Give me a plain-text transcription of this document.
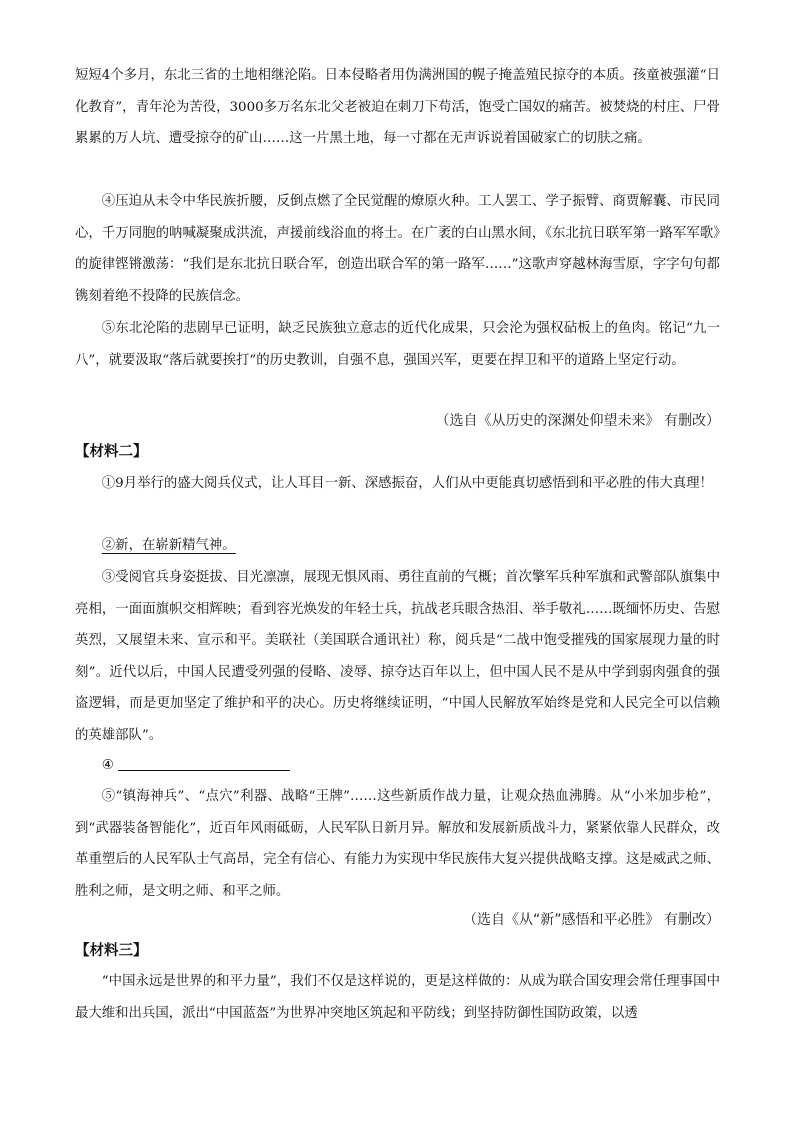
短短4个多月，东北三省的土地相继沦陷。日本侵略者用伪满洲国的幌子掩盖殖民掠夺的本质。孩童被强灌“日化教育”，青年沦为苦役，3000多万名东北父老被迫在刺刀下苟活，饱受亡国奴的痛苦。被焚烧的村庄、尸骨累累的万人坑、遭受掠夺的矿山……这一片黑土地，每一寸都在无声诉说着国破家亡的切肤之痛。

④压迫从未令中华民族折腰，反倒点燃了全民觉醒的燎原火种。工人罢工、学子振臂、商贾解囊、市民同心，千万同胞的呐喊凝聚成洪流，声援前线浴血的将士。在广袤的白山黑水间，《东北抗日联军第一路军军歌》的旋律铿锵激荡：“我们是东北抗日联合军，创造出联合军的第一路军……”这歌声穿越林海雪原，字字句句都镌刻着绝不投降的民族信念。

⑤东北沦陷的悲剧早已证明，缺乏民族独立意志的近代化成果，只会沦为强权砧板上的鱼肉。铭记“九一八”，就要汲取“落后就要挨打”的历史教训，自强不息，强国兴军，更要在捍卫和平的道路上坚定行动。

（选自《从历史的深渊处仰望未来》 有删改）
【材料二】

①9月举行的盛大阅兵仪式，让人耳目一新、深感振奋，人们从中更能真切感悟到和平必胜的伟大真理！

②新，在崭新精气神。

③受阅官兵身姿挺拔、目光凛凛，展现无惧风雨、勇往直前的气概；首次擎军兵种军旗和武警部队旗集中亮相，一面面旗帜交相辉映；看到容光焕发的年轻士兵，抗战老兵眼含热泪、举手敬礼……既缅怀历史、告慰英烈，又展望未来、宣示和平。美联社（美国联合通讯社）称，阅兵是“二战中饱受摧残的国家展现力量的时刻”。近代以后，中国人民遭受列强的侵略、凌辱、掠夺达百年以上，但中国人民不是从中学到弱肉强食的强盗逻辑，而是更加坚定了维护和平的决心。历史将继续证明，“中国人民解放军始终是党和人民完全可以信赖的英雄部队”。

④

⑤“镇海神兵”、“点穴”利器、战略“王牌”……这些新质作战力量，让观众热血沸腾。从“小米加步枪”，到“武器装备智能化”，近百年风雨砥砺，人民军队日新月异。解放和发展新质战斗力，紧紧依靠人民群众，改革重塑后的人民军队士气高昂，完全有信心、有能力为实现中华民族伟大复兴提供战略支撑。这是威武之师、胜利之师，是文明之师、和平之师。

（选自《从“新”感悟和平必胜》 有删改）
【材料三】

“中国永远是世界的和平力量”，我们不仅是这样说的，更是这样做的：从成为联合国安理会常任理事国中最大维和出兵国，派出“中国蓝盔”为世界冲突地区筑起和平防线；到坚持防御性国防政策，以透
